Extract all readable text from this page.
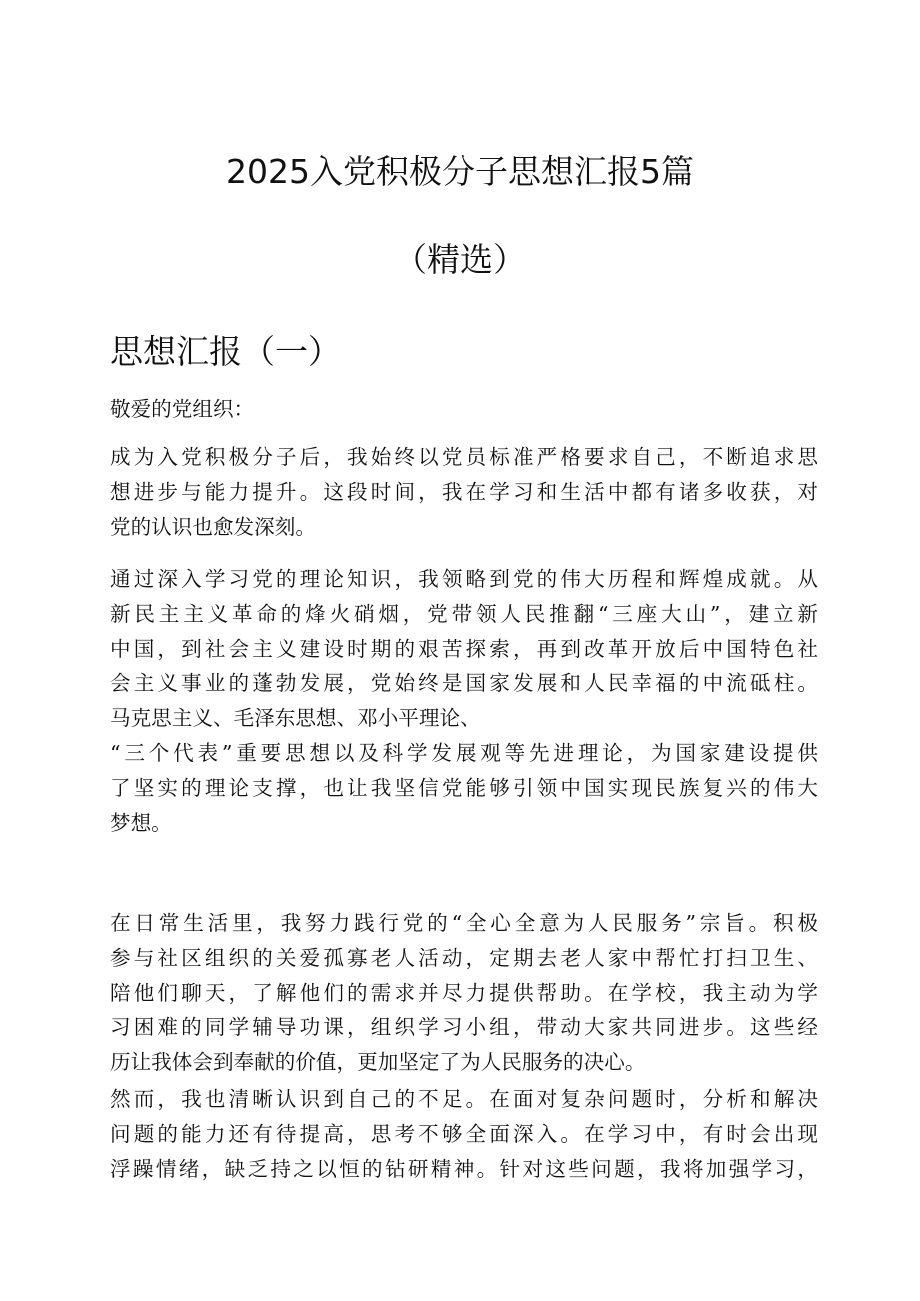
2025入党积极分子思想汇报5篇
（精选）
思想汇报（一）

敬爱的党组织：

成为入党积极分子后，我始终以党员标准严格要求自己，不断追求思
想进步与能力提升。这段时间，我在学习和生活中都有诸多收获，对
党的认识也愈发深刻。

通过深入学习党的理论知识，我领略到党的伟大历程和辉煌成就。从
新民主主义革命的烽火硝烟，党带领人民推翻“三座大山”，建立新
中国，到社会主义建设时期的艰苦探索，再到改革开放后中国特色社
会主义事业的蓬勃发展，党始终是国家发展和人民幸福的中流砥柱。
马克思主义、毛泽东思想、邓小平理论、
“三个代表”重要思想以及科学发展观等先进理论，为国家建设提供
了坚实的理论支撑，也让我坚信党能够引领中国实现民族复兴的伟大
梦想。

在日常生活里，我努力践行党的“全心全意为人民服务”宗旨。积极
参与社区组织的关爱孤寡老人活动，定期去老人家中帮忙打扫卫生、
陪他们聊天，了解他们的需求并尽力提供帮助。在学校，我主动为学
习困难的同学辅导功课，组织学习小组，带动大家共同进步。这些经
历让我体会到奉献的价值，更加坚定了为人民服务的决心。

然而，我也清晰认识到自己的不足。在面对复杂问题时，分析和解决
问题的能力还有待提高，思考不够全面深入。在学习中，有时会出现
浮躁情绪，缺乏持之以恒的钻研精神。针对这些问题，我将加强学习，
